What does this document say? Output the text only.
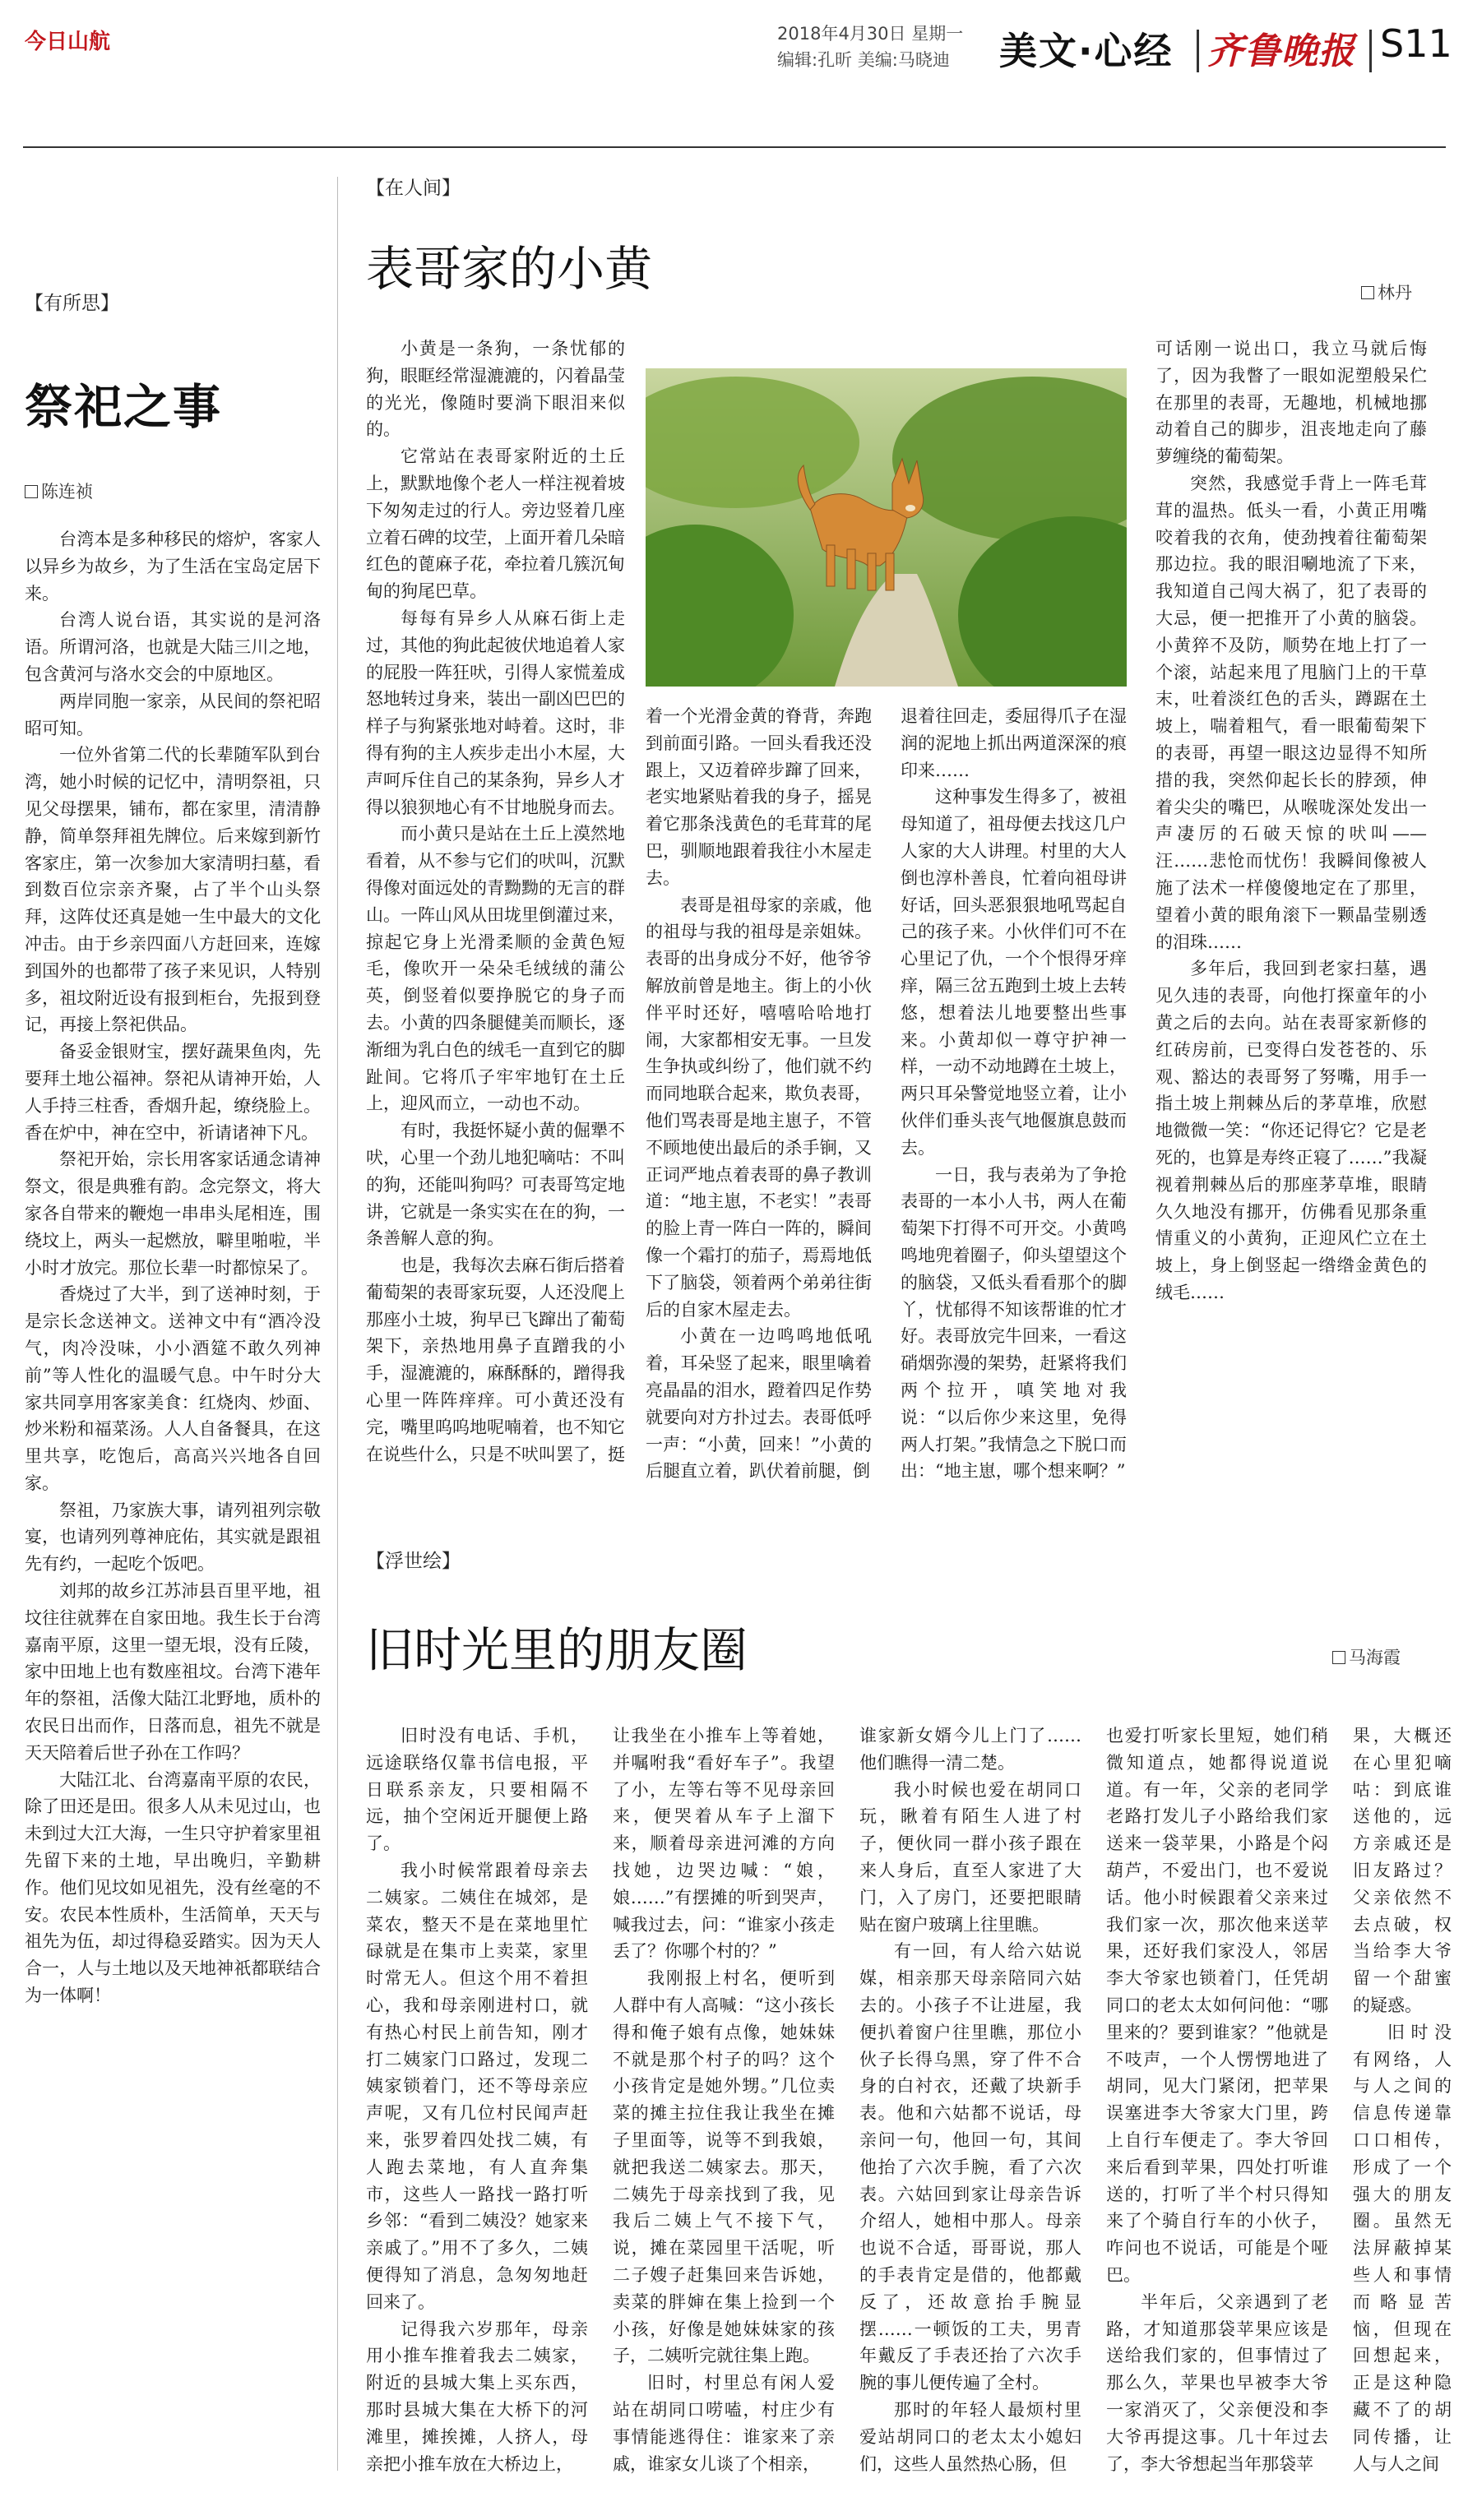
今日山航	2018年4月30日 星期一
编辑:孔昕 美编:马晓迪	美文·心经 齐鲁晚报 S11
【有所思】
祭祀之事
陈连祯

台湾本是多种移民的熔炉，客家人以异乡为故乡，为了生活在宝岛定居下来。

台湾人说台语，其实说的是河洛语。所谓河洛，也就是大陆三川之地，包含黄河与洛水交会的中原地区。

两岸同胞一家亲，从民间的祭祀昭昭可知。

一位外省第二代的长辈随军队到台湾，她小时候的记忆中，清明祭祖，只见父母摆果，铺布，都在家里，清清静静，简单祭拜祖先牌位。后来嫁到新竹客家庄，第一次参加大家清明扫墓，看到数百位宗亲齐聚，占了半个山头祭拜，这阵仗还真是她一生中最大的文化冲击。由于乡亲四面八方赶回来，连嫁到国外的也都带了孩子来见识，人特别多，祖坟附近设有报到柜台，先报到登记，再接上祭祀供品。

备妥金银财宝，摆好蔬果鱼肉，先要拜土地公福神。祭祀从请神开始，人人手持三柱香，香烟升起，缭绕脸上。香在炉中，神在空中，祈请诸神下凡。

祭祀开始，宗长用客家话通念请神祭文，很是典雅有韵。念完祭文，将大家各自带来的鞭炮一串串头尾相连，围绕坟上，两头一起燃放，噼里啪啦，半小时才放完。那位长辈一时都惊呆了。

香烧过了大半，到了送神时刻，于是宗长念送神文。送神文中有“酒冷没气，肉冷没味，小小酒筵不敢久列神前”等人性化的温暖气息。中午时分大家共同享用客家美食：红烧肉、炒面、炒米粉和福菜汤。人人自备餐具，在这里共享，吃饱后，高高兴兴地各自回家。

祭祖，乃家族大事，请列祖列宗敬宴，也请列列尊神庇佑，其实就是跟祖先有约，一起吃个饭吧。

刘邦的故乡江苏沛县百里平地，祖坟往往就葬在自家田地。我生长于台湾嘉南平原，这里一望无垠，没有丘陵，家中田地上也有数座祖坟。台湾下港年年的祭祖，活像大陆江北野地，质朴的农民日出而作，日落而息，祖先不就是天天陪着后世子孙在工作吗？

大陆江北、台湾嘉南平原的农民，除了田还是田。很多人从未见过山，也未到过大江大海，一生只守护着家里祖先留下来的土地，早出晚归，辛勤耕作。他们见坟如见祖先，没有丝毫的不安。农民本性质朴，生活简单，天天与祖先为伍，却过得稳妥踏实。因为天人合一，人与土地以及天地神祇都联结合为一体啊！

【在人间】
表哥家的小黄	林丹

小黄是一条狗，一条忧郁的狗，眼眶经常湿漉漉的，闪着晶莹的光光，像随时要淌下眼泪来似的。

它常站在表哥家附近的土丘上，默默地像个老人一样注视着坡下匆匆走过的行人。旁边竖着几座立着石碑的坟茔，上面开着几朵暗红色的蓖麻子花，牵拉着几簇沉甸甸的狗尾巴草。

每每有异乡人从麻石街上走过，其他的狗此起彼伏地追着人家的屁股一阵狂吠，引得人家慌羞成怒地转过身来，装出一副凶巴巴的样子与狗紧张地对峙着。这时，非得有狗的主人疾步走出小木屋，大声呵斥住自己的某条狗，异乡人才得以狼狈地心有不甘地脱身而去。

而小黄只是站在土丘上漠然地看着，从不参与它们的吠叫，沉默得像对面远处的青黝黝的无言的群山。一阵山风从田垅里倒灌过来，掠起它身上光滑柔顺的金黄色短毛，像吹开一朵朵毛绒绒的蒲公英，倒竖着似要挣脱它的身子而去。小黄的四条腿健美而顺长，逐渐细为乳白色的绒毛一直到它的脚趾间。它将爪子牢牢地钉在土丘上，迎风而立，一动也不动。

有时，我挺怀疑小黄的倔犟不吠，心里一个劲儿地犯嘀咕：不叫的狗，还能叫狗吗？可表哥笃定地讲，它就是一条实实在在的狗，一条善解人意的狗。

也是，我每次去麻石街后搭着葡萄架的表哥家玩耍，人还没爬上那座小土坡，狗早已飞蹿出了葡萄架下，亲热地用鼻子直蹭我的小手，湿漉漉的，麻酥酥的，蹭得我心里一阵阵痒痒。可小黄还没有完，嘴里呜呜地呢喃着，也不知它在说些什么，只是不吠叫罢了，挺

着一个光滑金黄的脊背，奔跑到前面引路。一回头看我还没跟上，又迈着碎步蹿了回来，老实地紧贴着我的身子，摇晃着它那条浅黄色的毛茸茸的尾巴，驯顺地跟着我往小木屋走去。

表哥是祖母家的亲戚，他的祖母与我的祖母是亲姐妹。表哥的出身成分不好，他爷爷解放前曾是地主。街上的小伙伴平时还好，嘻嘻哈哈地打闹，大家都相安无事。一旦发生争执或纠纷了，他们就不约而同地联合起来，欺负表哥，他们骂表哥是地主崽子，不管不顾地使出最后的杀手锏，又正词严地点着表哥的鼻子教训道：“地主崽，不老实！”表哥的脸上青一阵白一阵的，瞬间像一个霜打的茄子，焉焉地低下了脑袋，领着两个弟弟往街后的自家木屋走去。

小黄在一边鸣鸣地低吼着，耳朵竖了起来，眼里噙着亮晶晶的泪水，蹬着四足作势就要向对方扑过去。表哥低呼一声：“小黄，回来！”小黄的后腿直立着，趴伏着前腿，倒

退着往回走，委屈得爪子在湿润的泥地上抓出两道深深的痕印来……

这种事发生得多了，被祖母知道了，祖母便去找这几户人家的大人讲理。村里的大人倒也淳朴善良，忙着向祖母讲好话，回头恶狠狠地吼骂起自己的孩子来。小伙伴们可不在心里记了仇，一个个恨得牙痒痒，隔三岔五跑到土坡上去转悠，想着法儿地要整出些事来。小黄却似一尊守护神一样，一动不动地蹲在土坡上，两只耳朵警觉地竖立着，让小伙伴们垂头丧气地偃旗息鼓而去。

一日，我与表弟为了争抢表哥的一本小人书，两人在葡萄架下打得不可开交。小黄鸣鸣地兜着圈子，仰头望望这个的脑袋，又低头看看那个的脚丫，忧郁得不知该帮谁的忙才好。表哥放完牛回来，一看这硝烟弥漫的架势，赶紧将我们两个拉开，嗔笑地对我说：“以后你少来这里，免得两人打架。”我情急之下脱口而出：“地主崽，哪个想来啊？”

可话刚一说出口，我立马就后悔了，因为我瞥了一眼如泥塑般呆伫在那里的表哥，无趣地，机械地挪动着自己的脚步，沮丧地走向了藤萝缠绕的葡萄架。

突然，我感觉手背上一阵毛茸茸的温热。低头一看，小黄正用嘴咬着我的衣角，使劲拽着往葡萄架那边拉。我的眼泪唰地流了下来，我知道自己闯大祸了，犯了表哥的大忌，便一把推开了小黄的脑袋。小黄猝不及防，顺势在地上打了一个滚，站起来甩了甩脑门上的干草末，吐着淡红色的舌头，蹲踞在土坡上，喘着粗气，看一眼葡萄架下的表哥，再望一眼这边显得不知所措的我，突然仰起长长的脖颈，伸着尖尖的嘴巴，从喉咙深处发出一声凄厉的石破天惊的吠叫——汪……悲怆而忧伤！我瞬间像被人施了法术一样傻傻地定在了那里，望着小黄的眼角滚下一颗晶莹剔透的泪珠……

多年后，我回到老家扫墓，遇见久违的表哥，向他打探童年的小黄之后的去向。站在表哥家新修的红砖房前，已变得白发苍苍的、乐观、豁达的表哥努了努嘴，用手一指土坡上荆棘丛后的茅草堆，欣慰地微微一笑：“你还记得它？它是老死的，也算是寿终正寝了……”我凝视着荆棘丛后的那座茅草堆，眼睛久久地没有挪开，仿佛看见那条重情重义的小黄狗，正迎风伫立在土坡上，身上倒竖起一绺绺金黄色的绒毛……

【浮世绘】
旧时光里的朋友圈	马海霞

旧时没有电话、手机，远途联络仅靠书信电报，平日联系亲友，只要相隔不远，抽个空闲近开腿便上路了。

我小时候常跟着母亲去二姨家。二姨住在城郊，是菜农，整天不是在菜地里忙碌就是在集市上卖菜，家里时常无人。但这个用不着担心，我和母亲刚进村口，就有热心村民上前告知，刚才打二姨家门口路过，发现二姨家锁着门，还不等母亲应声呢，又有几位村民闻声赶来，张罗着四处找二姨，有人跑去菜地，有人直奔集市，这些人一路找一路打听乡邻：“看到二姨没？她家来亲戚了。”用不了多久，二姨便得知了消息，急匆匆地赶回来了。

记得我六岁那年，母亲用小推车推着我去二姨家，附近的县城大集上买东西，那时县城大集在大桥下的河滩里，摊挨摊，人挤人，母亲把小推车放在大桥边上，

让我坐在小推车上等着她，并嘱咐我“看好车子”。我望了小，左等右等不见母亲回来，便哭着从车子上溜下来，顺着母亲进河滩的方向找她，边哭边喊：“娘，娘……”有摆摊的听到哭声，喊我过去，问：“谁家小孩走丢了？你哪个村的？”

我刚报上村名，便听到人群中有人高喊：“这小孩长得和俺子娘有点像，她妹妹不就是那个村子的吗？这个小孩肯定是她外甥。”几位卖菜的摊主拉住我让我坐在摊子里面等，说等不到我娘，就把我送二姨家去。那天，二姨先于母亲找到了我，见我后二姨上气不接下气，说，摊在菜园里干活呢，听二子嫂子赶集回来告诉她，卖菜的胖婶在集上捡到一个小孩，好像是她妹妹家的孩子，二姨听完就往集上跑。

旧时，村里总有闲人爱站在胡同口唠嗑，村庄少有事情能逃得住：谁家来了亲戚，谁家女儿谈了个相亲，

谁家新女婿今儿上门了……他们瞧得一清二楚。

我小时候也爱在胡同口玩，瞅着有陌生人进了村子，便伙同一群小孩子跟在来人身后，直至人家进了大门，入了房门，还要把眼睛贴在窗户玻璃上往里瞧。

有一回，有人给六姑说媒，相亲那天母亲陪同六姑去的。小孩子不让进屋，我便扒着窗户往里瞧，那位小伙子长得乌黑，穿了件不合身的白衬衣，还戴了块新手表。他和六姑都不说话，母亲问一句，他回一句，其间他抬了六次手腕，看了六次表。六姑回到家让母亲告诉介绍人，她相中那人。母亲也说不合适，哥哥说，那人的手表肯定是借的，他都戴反了，还故意抬手腕显摆……一顿饭的工夫，男青年戴反了手表还抬了六次手腕的事儿便传遍了全村。

那时的年轻人最烦村里爱站胡同口的老太太小媳妇们，这些人虽然热心肠，但

也爱打听家长里短，她们稍微知道点，她都得说道说道。有一年，父亲的老同学老路打发儿子小路给我们家送来一袋苹果，小路是个闷葫芦，不爱出门，也不爱说话。他小时候跟着父亲来过我们家一次，那次他来送苹果，还好我们家没人，邻居李大爷家也锁着门，任凭胡同口的老太太如何问他：“哪里来的？要到谁家？”他就是不吱声，一个人愣愣地进了胡同，见大门紧闭，把苹果误塞进李大爷家大门里，跨上自行车便走了。李大爷回来后看到苹果，四处打听谁送的，打听了半个村只得知来了个骑自行车的小伙子，咋问也不说话，可能是个哑巴。

半年后，父亲遇到了老路，才知道那袋苹果应该是送给我们家的，但事情过了那么久，苹果也早被李大爷一家消灭了，父亲便没和李大爷再提这事。几十年过去了，李大爷想起当年那袋苹

果，大概还在心里犯嘀咕：到底谁送他的，远方亲戚还是旧友路过？父亲依然不去点破，权当给李大爷留一个甜蜜的疑惑。

旧时没有网络，人与人之间的信息传递靠口口相传，形成了一个强大的朋友圈。虽然无法屏蔽掉某些人和事情而略显苦恼，但现在回想起来，正是这种隐藏不了的胡同传播，让人与人之间
